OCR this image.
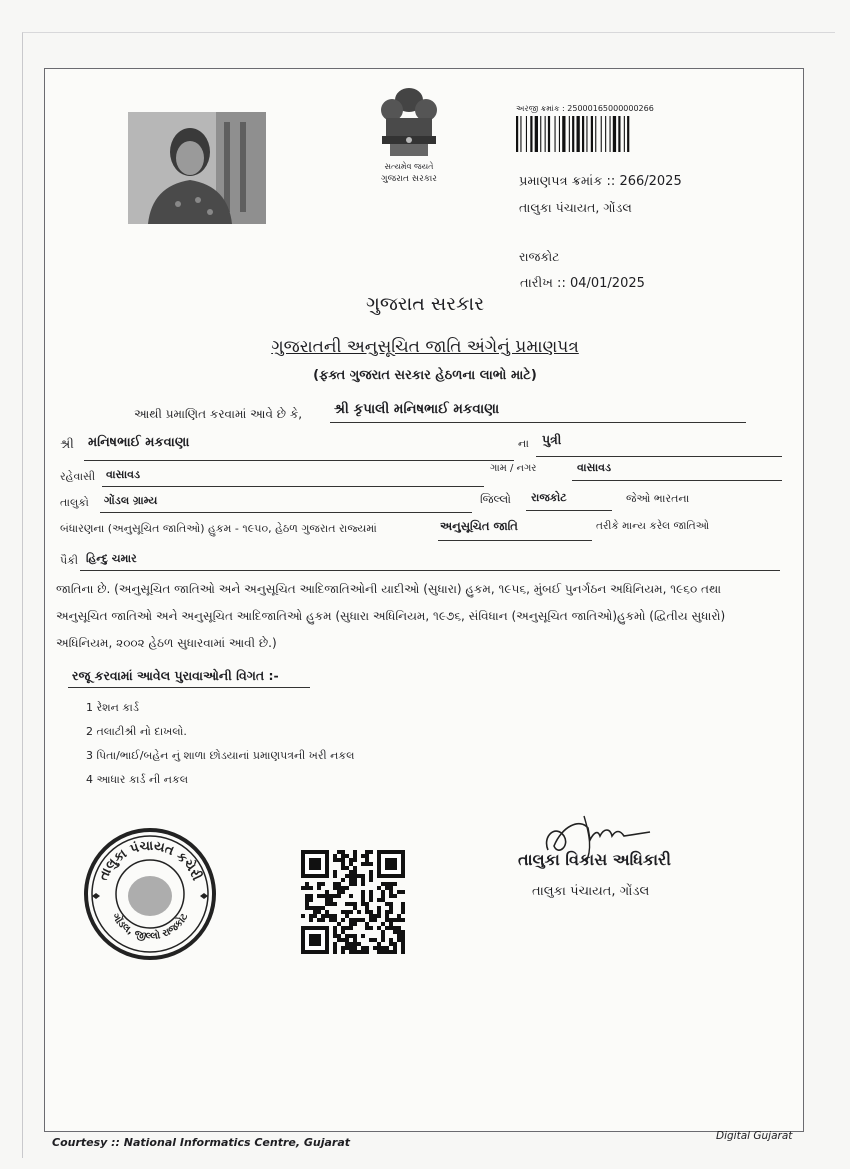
સત્યમેવ જયતે
ગુજરાત સરકાર
અરજી ક્રમાંક : 250001650000002​66
પ્રમાણપત્ર ક્રમાંક :: 266/2025
તાલુકા પંચાયત, ગોંડલ
રાજકોટ
તારીખ :: 04/01/2025
ગુજરાત સરકાર
ગુજરાતની અનુસૂચિત જાતિ અંગેનું પ્રમાણપત્ર
(ફક્ત ગુજરાત સરકાર હેઠળના લાભો માટે)
આથી પ્રમાણિત કરવામાં આવે છે કે, શ્રી કૃપાલી મનિષભાઈ મકવાણા
શ્રી મનિષભાઈ મકવાણા	ના પુત્રી
રહેવાસી વાસાવડ	ગામ / નગર	વાસાવડ
તાલુકો ગોંડલ ગ્રામ્ય	જિલ્લો રાજકોટ	જેઓ ભારતના
બંધારણના (અનુસૂચિત જાતિઓ) હુકમ - ૧૯૫૦, હેઠળ ગુજરાત રાજ્યમાં	અનુસૂચિત જાતિ	તરીકે માન્ય કરેલ જાતિઓ
પૈકી હિન્દુ ચમાર
જાતિના છે. (અનુસૂચિત જાતિઓ અને અનુસૂચિત આદિજાતિઓની યાદીઓ (સુધારા) હુકમ, ૧૯૫૬, મુંબઈ પુનર્ગઠન અધિનિયમ, ૧૯૬૦ તથા અનુસૂચિત જાતિઓ અને અનુસૂચિત આદિજાતિઓ હુકમ (સુધારા અધિનિયમ, ૧૯૭૬, સંવિધાન (અનુસૂચિત જાતિઓ)હુકમો (દ્વિતીય સુધારો) અધિનિયમ, ૨૦૦૨ હેઠળ સુધારવામાં આવી છે.)
રજૂ કરવામાં આવેલ પુરાવાઓની વિગત :-
1 રેશન કાર્ડ
2 તલાટીશ્રી નો દાખલો.
3 પિતા/ભાઈ/બહેન નું શાળા છોડયાનાં પ્રમાણપત્રની ખરી નકલ
4 આધાર કાર્ડ ની નકલ
તાલુકા પંચાયત કચેરી
ગોંડલ, જીલ્લો રાજકોટ
તાલુકા વિકાસ અધિકારી
તાલુકા પંચાયત, ગોંડલ
Courtesy :: National Informatics Centre, Gujarat	Digital Gujarat
